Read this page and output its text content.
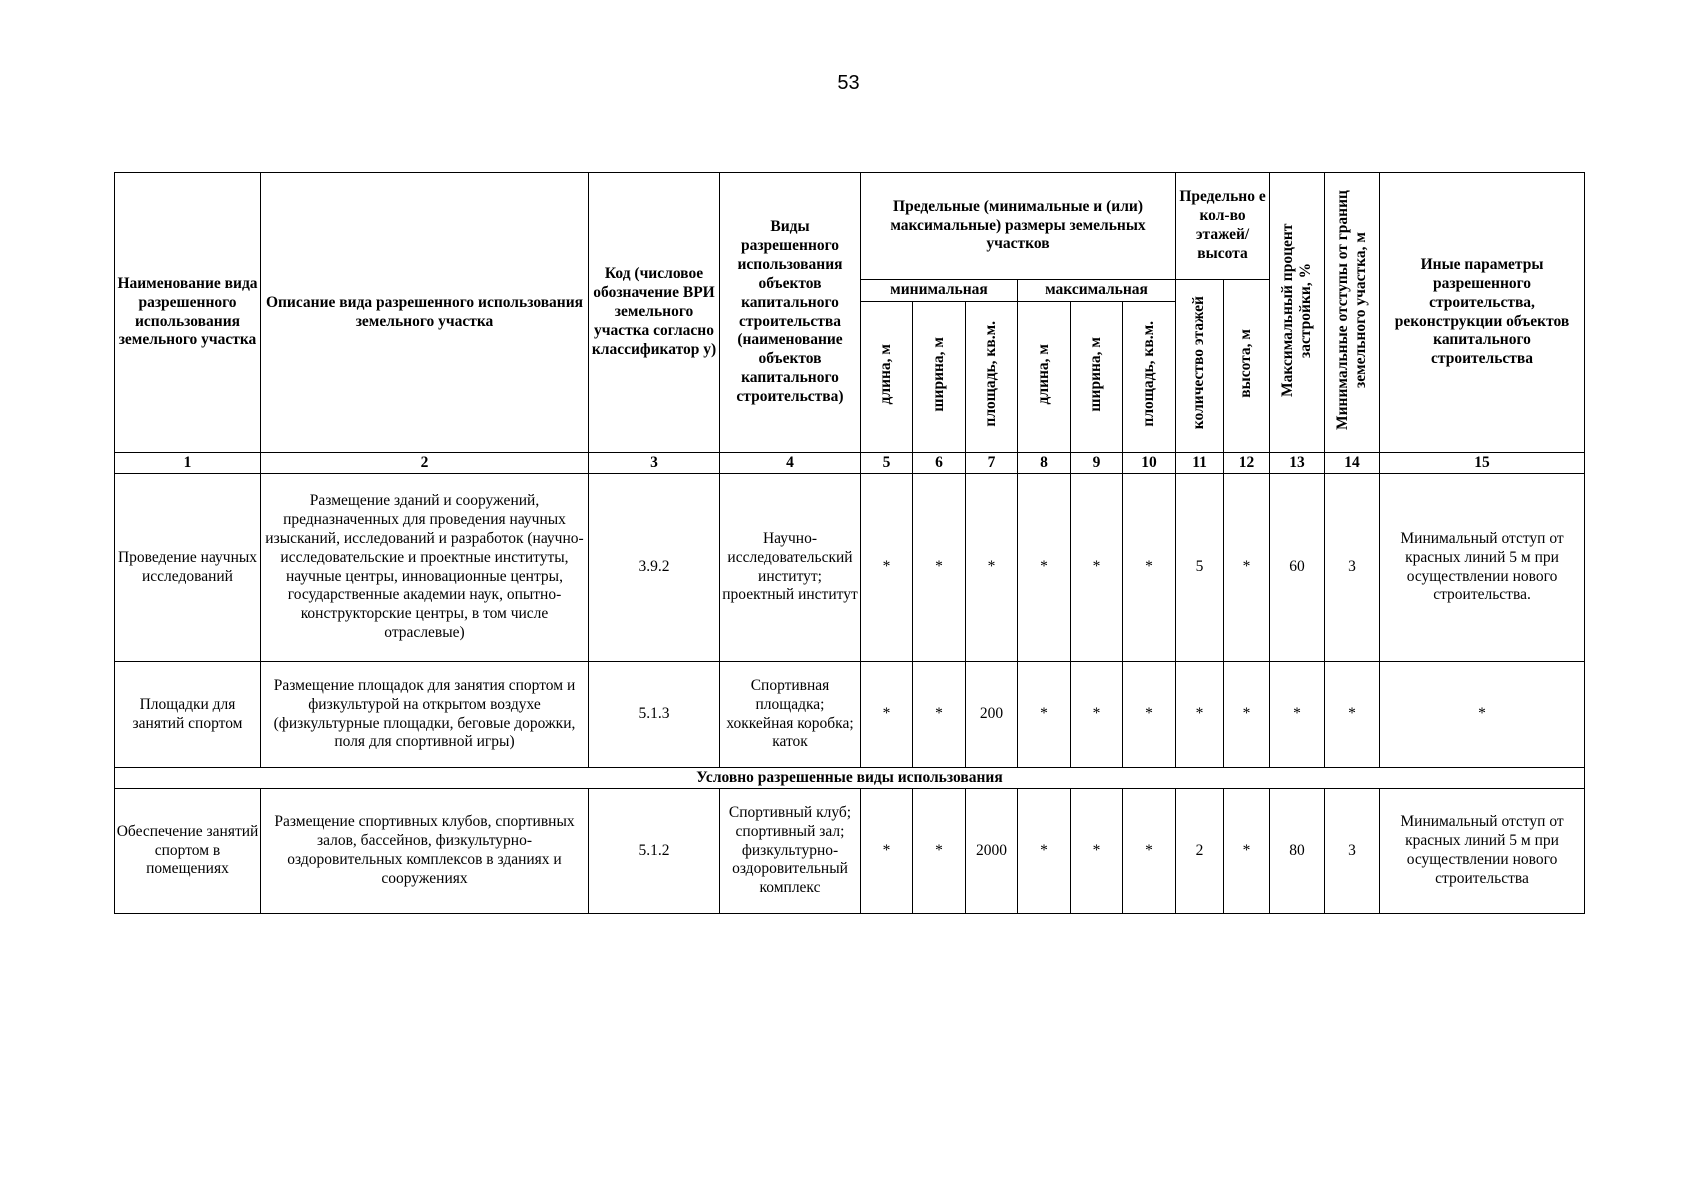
53
Наименование вида разрешенного использования земельного участка	Описание вида разрешенного использования земельного участка	Код (числовое обозначение ВРИ земельного участка согласно классификатор у)	Виды разрешенного использования объектов капитального строительства (наименование объектов капитального строительства)	Предельные (минимальные и (или) максимальные) размеры земельных участков						Предельно е кол-во этажей/ высота		Максимальный процент застройки, %	Минимальные отступы от границ земельного участка, м	Иные параметры разрешенного строительства, реконструкции объектов капитального строительства
				минимальная			максимальная			количество этажей	высота, м			
				длина, м	ширина, м	площадь, кв.м.	длина, м	ширина, м	площадь, кв.м.					
1	2	3	4	5	6	7	8	9	10	11	12	13	14	15
Проведение научных исследований	Размещение зданий и сооружений, предназначенных для проведения научных изысканий, исследований и разработок (научно-исследовательские и проектные институты, научные центры, инновационные центры, государственные академии наук, опытно-конструкторские центры, в том числе отраслевые)	3.9.2	Научно-исследовательский институт; проектный институт	*	*	*	*	*	*	5	*	60	3	Минимальный отступ от красных линий 5 м при осуществлении нового строительства.
Площадки для занятий спортом	Размещение площадок для занятия спортом и физкультурой на открытом воздухе (физкультурные площадки, беговые дорожки, поля для спортивной игры)	5.1.3	Спортивная площадка; хоккейная коробка; каток	*	*	200	*	*	*	*	*	*	*	*
Условно разрешенные виды использования														
Обеспечение занятий спортом в помещениях	Размещение спортивных клубов, спортивных залов, бассейнов, физкультурно-оздоровительных комплексов в зданиях и сооружениях	5.1.2	Спортивный клуб; спортивный зал; физкультурно-оздоровительный комплекс	*	*	2000	*	*	*	2	*	80	3	Минимальный отступ от красных линий 5 м при осуществлении нового строительства
